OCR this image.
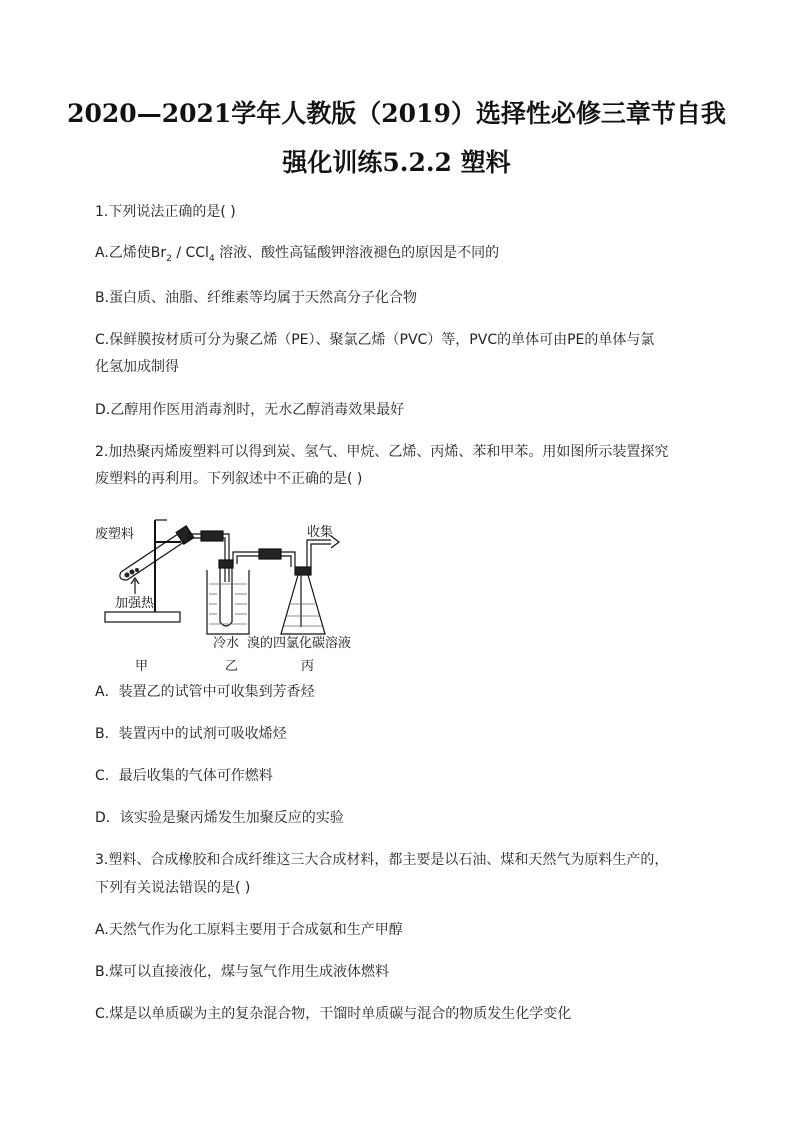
2020—2021学年人教版（2019）选择性必修三章节自我
强化训练5.2.2 塑料
1.下列说法正确的是( )
A.乙烯使$Br_2 / CCl_4$ 溶液、酸性高锰酸钾溶液褪色的原因是不同的
B.蛋白质、油脂、纤维素等均属于天然高分子化合物
C.保鲜膜按材质可分为聚乙烯（PE）、聚氯乙烯（PVC）等，PVC的单体可由PE的单体与氯
化氢加成制得
D.乙醇用作医用消毒剂时，无水乙醇消毒效果最好
2.加热聚丙烯废塑料可以得到炭、氢气、甲烷、乙烯、丙烯、苯和甲苯。用如图所示装置探究
废塑料的再利用。下列叙述中不正确的是( )
废塑料
加强热
收集
冷水 溴的四氯化碳溶液
甲	乙	丙
A．装置乙的试管中可收集到芳香烃
B．装置丙中的试剂可吸收烯烃
C．最后收集的气体可作燃料
D．该实验是聚丙烯发生加聚反应的实验
3.塑料、合成橡胶和合成纤维这三大合成材料，都主要是以石油、煤和天然气为原料生产的，
下列有关说法错误的是( )
A.天然气作为化工原料主要用于合成氨和生产甲醇
B.煤可以直接液化，煤与氢气作用生成液体燃料
C.煤是以单质碳为主的复杂混合物，干馏时单质碳与混合的物质发生化学变化
